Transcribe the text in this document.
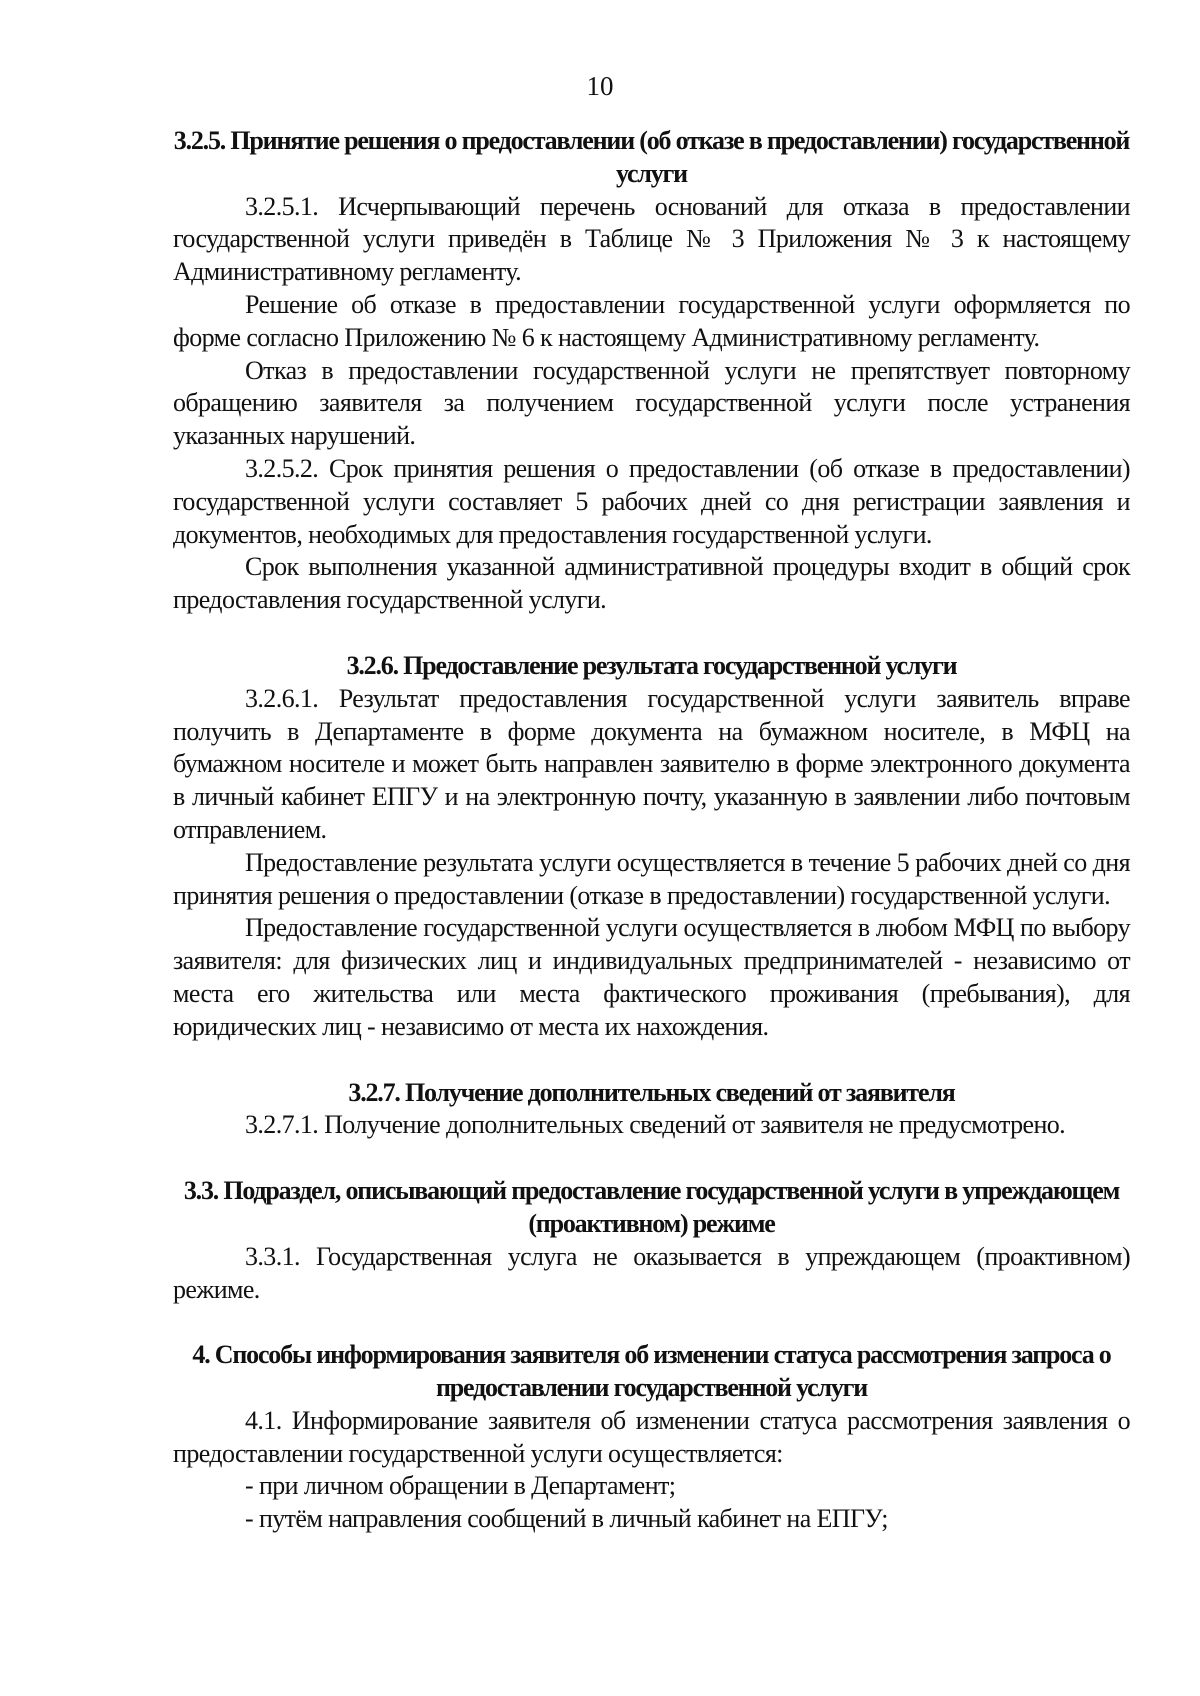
10
3.2.5. Принятие решения о предоставлении (об отказе в предоставлении) государственной услуги

3.2.5.1. Исчерпывающий перечень оснований для отказа в предоставлении государственной услуги приведён в Таблице № 3 Приложения № 3 к настоящему Административному регламенту.

Решение об отказе в предоставлении государственной услуги оформляется по форме согласно Приложению № 6 к настоящему Административному регламенту.

Отказ в предоставлении государственной услуги не препятствует повторному обращению заявителя за получением государственной услуги после устранения указанных нарушений.

3.2.5.2. Срок принятия решения о предоставлении (об отказе в предоставлении) государственной услуги составляет 5 рабочих дней со дня регистрации заявления и документов, необходимых для предоставления государственной услуги.

Срок выполнения указанной административной процедуры входит в общий срок предоставления государственной услуги.

3.2.6. Предоставление результата государственной услуги

3.2.6.1. Результат предоставления государственной услуги заявитель вправе получить в Департаменте в форме документа на бумажном носителе, в МФЦ на бумажном носителе и может быть направлен заявителю в форме электронного документа в личный кабинет ЕПГУ и на электронную почту, указанную в заявлении либо почтовым отправлением.

Предоставление результата услуги осуществляется в течение 5 рабочих дней со дня принятия решения о предоставлении (отказе в предоставлении) государственной услуги.

Предоставление государственной услуги осуществляется в любом МФЦ по выбору заявителя: для физических лиц и индивидуальных предпринимателей - независимо от места его жительства или места фактического проживания (пребывания), для юридических лиц - независимо от места их нахождения.

3.2.7. Получение дополнительных сведений от заявителя

3.2.7.1. Получение дополнительных сведений от заявителя не предусмотрено.

3.3. Подраздел, описывающий предоставление государственной услуги в упреждающем (проактивном) режиме

3.3.1. Государственная услуга не оказывается в упреждающем (проактивном) режиме.

4. Способы информирования заявителя об изменении статуса рассмотрения запроса о предоставлении государственной услуги

4.1. Информирование заявителя об изменении статуса рассмотрения заявления о предоставлении государственной услуги осуществляется:

- при личном обращении в Департамент;
- путём направления сообщений в личный кабинет на ЕПГУ;
